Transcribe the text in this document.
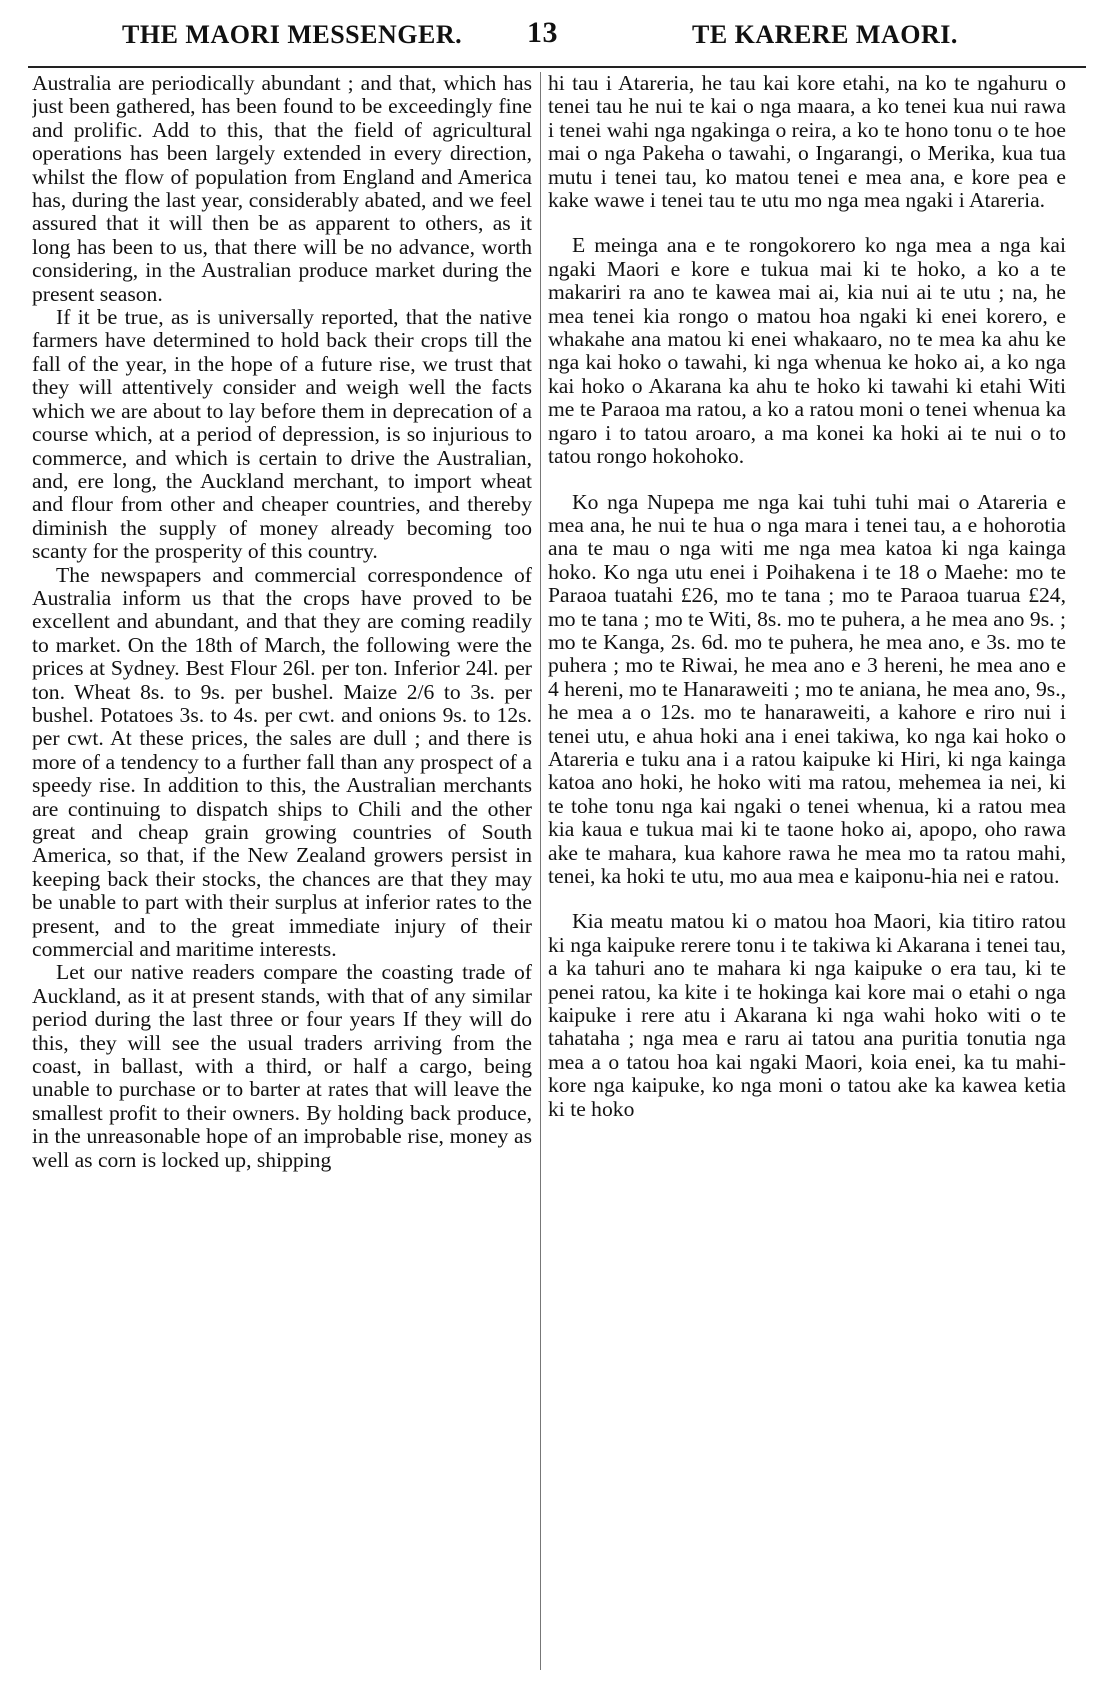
THE MAORI MESSENGER. 13	TE KARERE MAORI.

Australia are periodically abundant ; and that, which has just been gathered, has been found to be exceedingly fine and prolific. Add to this, that the field of agricultural operations has been largely extended in every direction, whilst the flow of population from England and America has, during the last year, considerably abated, and we feel assured that it will then be as apparent to others, as it long has been to us, that there will be no advance, worth considering, in the Australian produce market during the present season.

If it be true, as is universally reported, that the native farmers have determined to hold back their crops till the fall of the year, in the hope of a future rise, we trust that they will attentively consider and weigh well the facts which we are about to lay before them in deprecation of a course which, at a period of depression, is so injurious to commerce, and which is certain to drive the Australian, and, ere long, the Auckland merchant, to import wheat and flour from other and cheaper countries, and thereby diminish the supply of money already becoming too scanty for the prosperity of this country.

The newspapers and commercial correspondence of Australia inform us that the crops have proved to be excellent and abundant, and that they are coming readily to market. On the 18th of March, the following were the prices at Sydney. Best Flour 26l. per ton. Inferior 24l. per ton. Wheat 8s. to 9s. per bushel. Maize 2/6 to 3s. per bushel. Potatoes 3s. to 4s. per cwt. and onions 9s. to 12s. per cwt. At these prices, the sales are dull ; and there is more of a tendency to a further fall than any prospect of a speedy rise. In addition to this, the Australian merchants are continuing to dispatch ships to Chili and the other great and cheap grain growing countries of South America, so that, if the New Zealand growers persist in keeping back their stocks, the chances are that they may be unable to part with their surplus at inferior rates to the present, and to the great immediate injury of their commercial and maritime interests.

Let our native readers compare the coasting trade of Auckland, as it at present stands, with that of any similar period during the last three or four years If they will do this, they will see the usual traders arriving from the coast, in ballast, with a third, or half a cargo, being unable to purchase or to barter at rates that will leave the smallest profit to their owners. By holding back produce, in the unreasonable hope of an improbable rise, money as well as corn is locked up, shipping

hi tau i Atareria, he tau kai kore etahi, na ko te ngahuru o tenei tau he nui te kai o nga maara, a ko tenei kua nui rawa i tenei wahi nga ngakinga o reira, a ko te hono tonu o te hoe mai o nga Pakeha o tawahi, o Ingarangi, o Merika, kua tua mutu i tenei tau, ko matou tenei e mea ana, e kore pea e kake wawe i tenei tau te utu mo nga mea ngaki i Atareria.

E meinga ana e te rongokorero ko nga mea a nga kai ngaki Maori e kore e tukua mai ki te hoko, a ko a te makariri ra ano te kawea mai ai, kia nui ai te utu ; na, he mea tenei kia rongo o matou hoa ngaki ki enei korero, e whakahe ana matou ki enei whakaaro, no te mea ka ahu ke nga kai hoko o tawahi, ki nga whenua ke hoko ai, a ko nga kai hoko o Akarana ka ahu te hoko ki tawahi ki etahi Witi me te Paraoa ma ratou, a ko a ratou moni o tenei whenua ka ngaro i to tatou aroaro, a ma konei ka hoki ai te nui o to tatou rongo hokohoko.

Ko nga Nupepa me nga kai tuhi tuhi mai o Atareria e mea ana, he nui te hua o nga mara i tenei tau, a e hohorotia ana te mau o nga witi me nga mea katoa ki nga kainga hoko. Ko nga utu enei i Poihakena i te 18 o Maehe: mo te Paraoa tuatahi £26, mo te tana ; mo te Paraoa tuarua £24, mo te tana ; mo te Witi, 8s. mo te puhera, a he mea ano 9s. ; mo te Kanga, 2s. 6d. mo te puhera, he mea ano, e 3s. mo te puhera ; mo te Riwai, he mea ano e 3 hereni, he mea ano e 4 hereni, mo te Hanaraweiti ; mo te aniana, he mea ano, 9s., he mea a o 12s. mo te hanaraweiti, a kahore e riro nui i tenei utu, e ahua hoki ana i enei takiwa, ko nga kai hoko o Atareria e tuku ana i a ratou kaipuke ki Hiri, ki nga kainga katoa ano hoki, he hoko witi ma ratou, mehemea ia nei, ki te tohe tonu nga kai ngaki o tenei whenua, ki a ratou mea kia kaua e tukua mai ki te taone hoko ai, apopo, oho rawa ake te mahara, kua kahore rawa he mea mo ta ratou mahi, tenei, ka hoki te utu, mo aua mea e kaiponu-hia nei e ratou.

Kia meatu matou ki o matou hoa Maori, kia titiro ratou ki nga kaipuke rerere tonu i te takiwa ki Akarana i tenei tau, a ka tahuri ano te mahara ki nga kaipuke o era tau, ki te penei ratou, ka kite i te hokinga kai kore mai o etahi o nga kaipuke i rere atu i Akarana ki nga wahi hoko witi o te tahataha ; nga mea e raru ai tatou ana puritia tonutia nga mea a o tatou hoa kai ngaki Maori, koia enei, ka tu mahi-kore nga kaipuke, ko nga moni o tatou ake ka kawea ketia ki te hoko
